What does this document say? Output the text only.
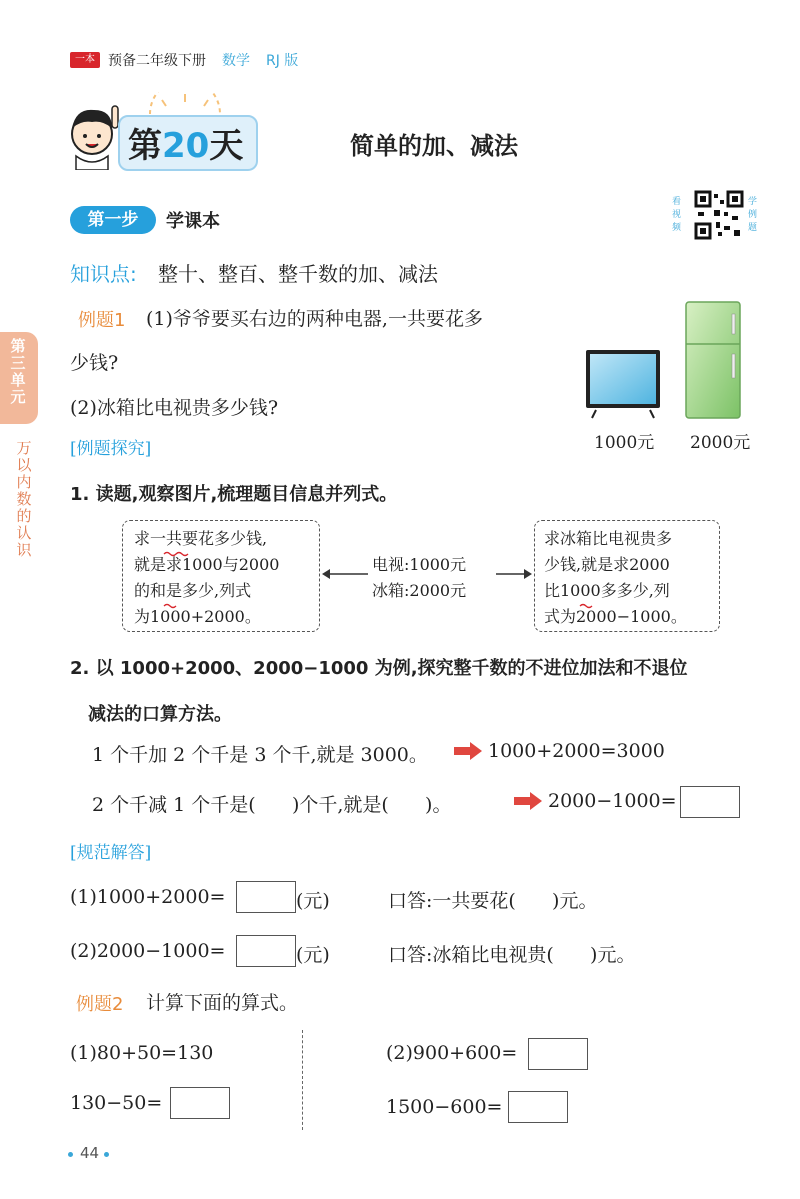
一本 预备二年级下册 数学 RJ 版
第20天	简单的加、减法
第一步	学课本
看视频
学例题
知识点: 整十、整百、整千数的加、减法
例题1 (1)爷爷要买右边的两种电器,一共要花多
少钱?
(2)冰箱比电视贵多少钱?
1000元 2000元
[例题探究]
1. 读题,观察图片,梳理题目信息并列式。
求一共要花多少钱,
就是求1000与2000
的和是多少,列式
为1000+2000。
电视:1000元
冰箱:2000元
求冰箱比电视贵多
少钱,就是求2000
比1000多多少,列
式为2000−1000。
2. 以 1000+2000、2000−1000 为例,探究整千数的不进位加法和不退位
减法的口算方法。
1 个千加 2 个千是 3 个千,就是 3000。	1000+2000=3000
2 个千减 1 个千是(      )个千,就是(      )。	2000−1000=
[规范解答]
(1)1000+2000=	(元)	口答:一共要花(      )元。
(2)2000−1000=	(元)	口答:冰箱比电视贵(      )元。
例题2 计算下面的算式。
(1)80+50=130
130−50=
(2)900+600=
1500−600=
第三单元
万以内数的认识
44
